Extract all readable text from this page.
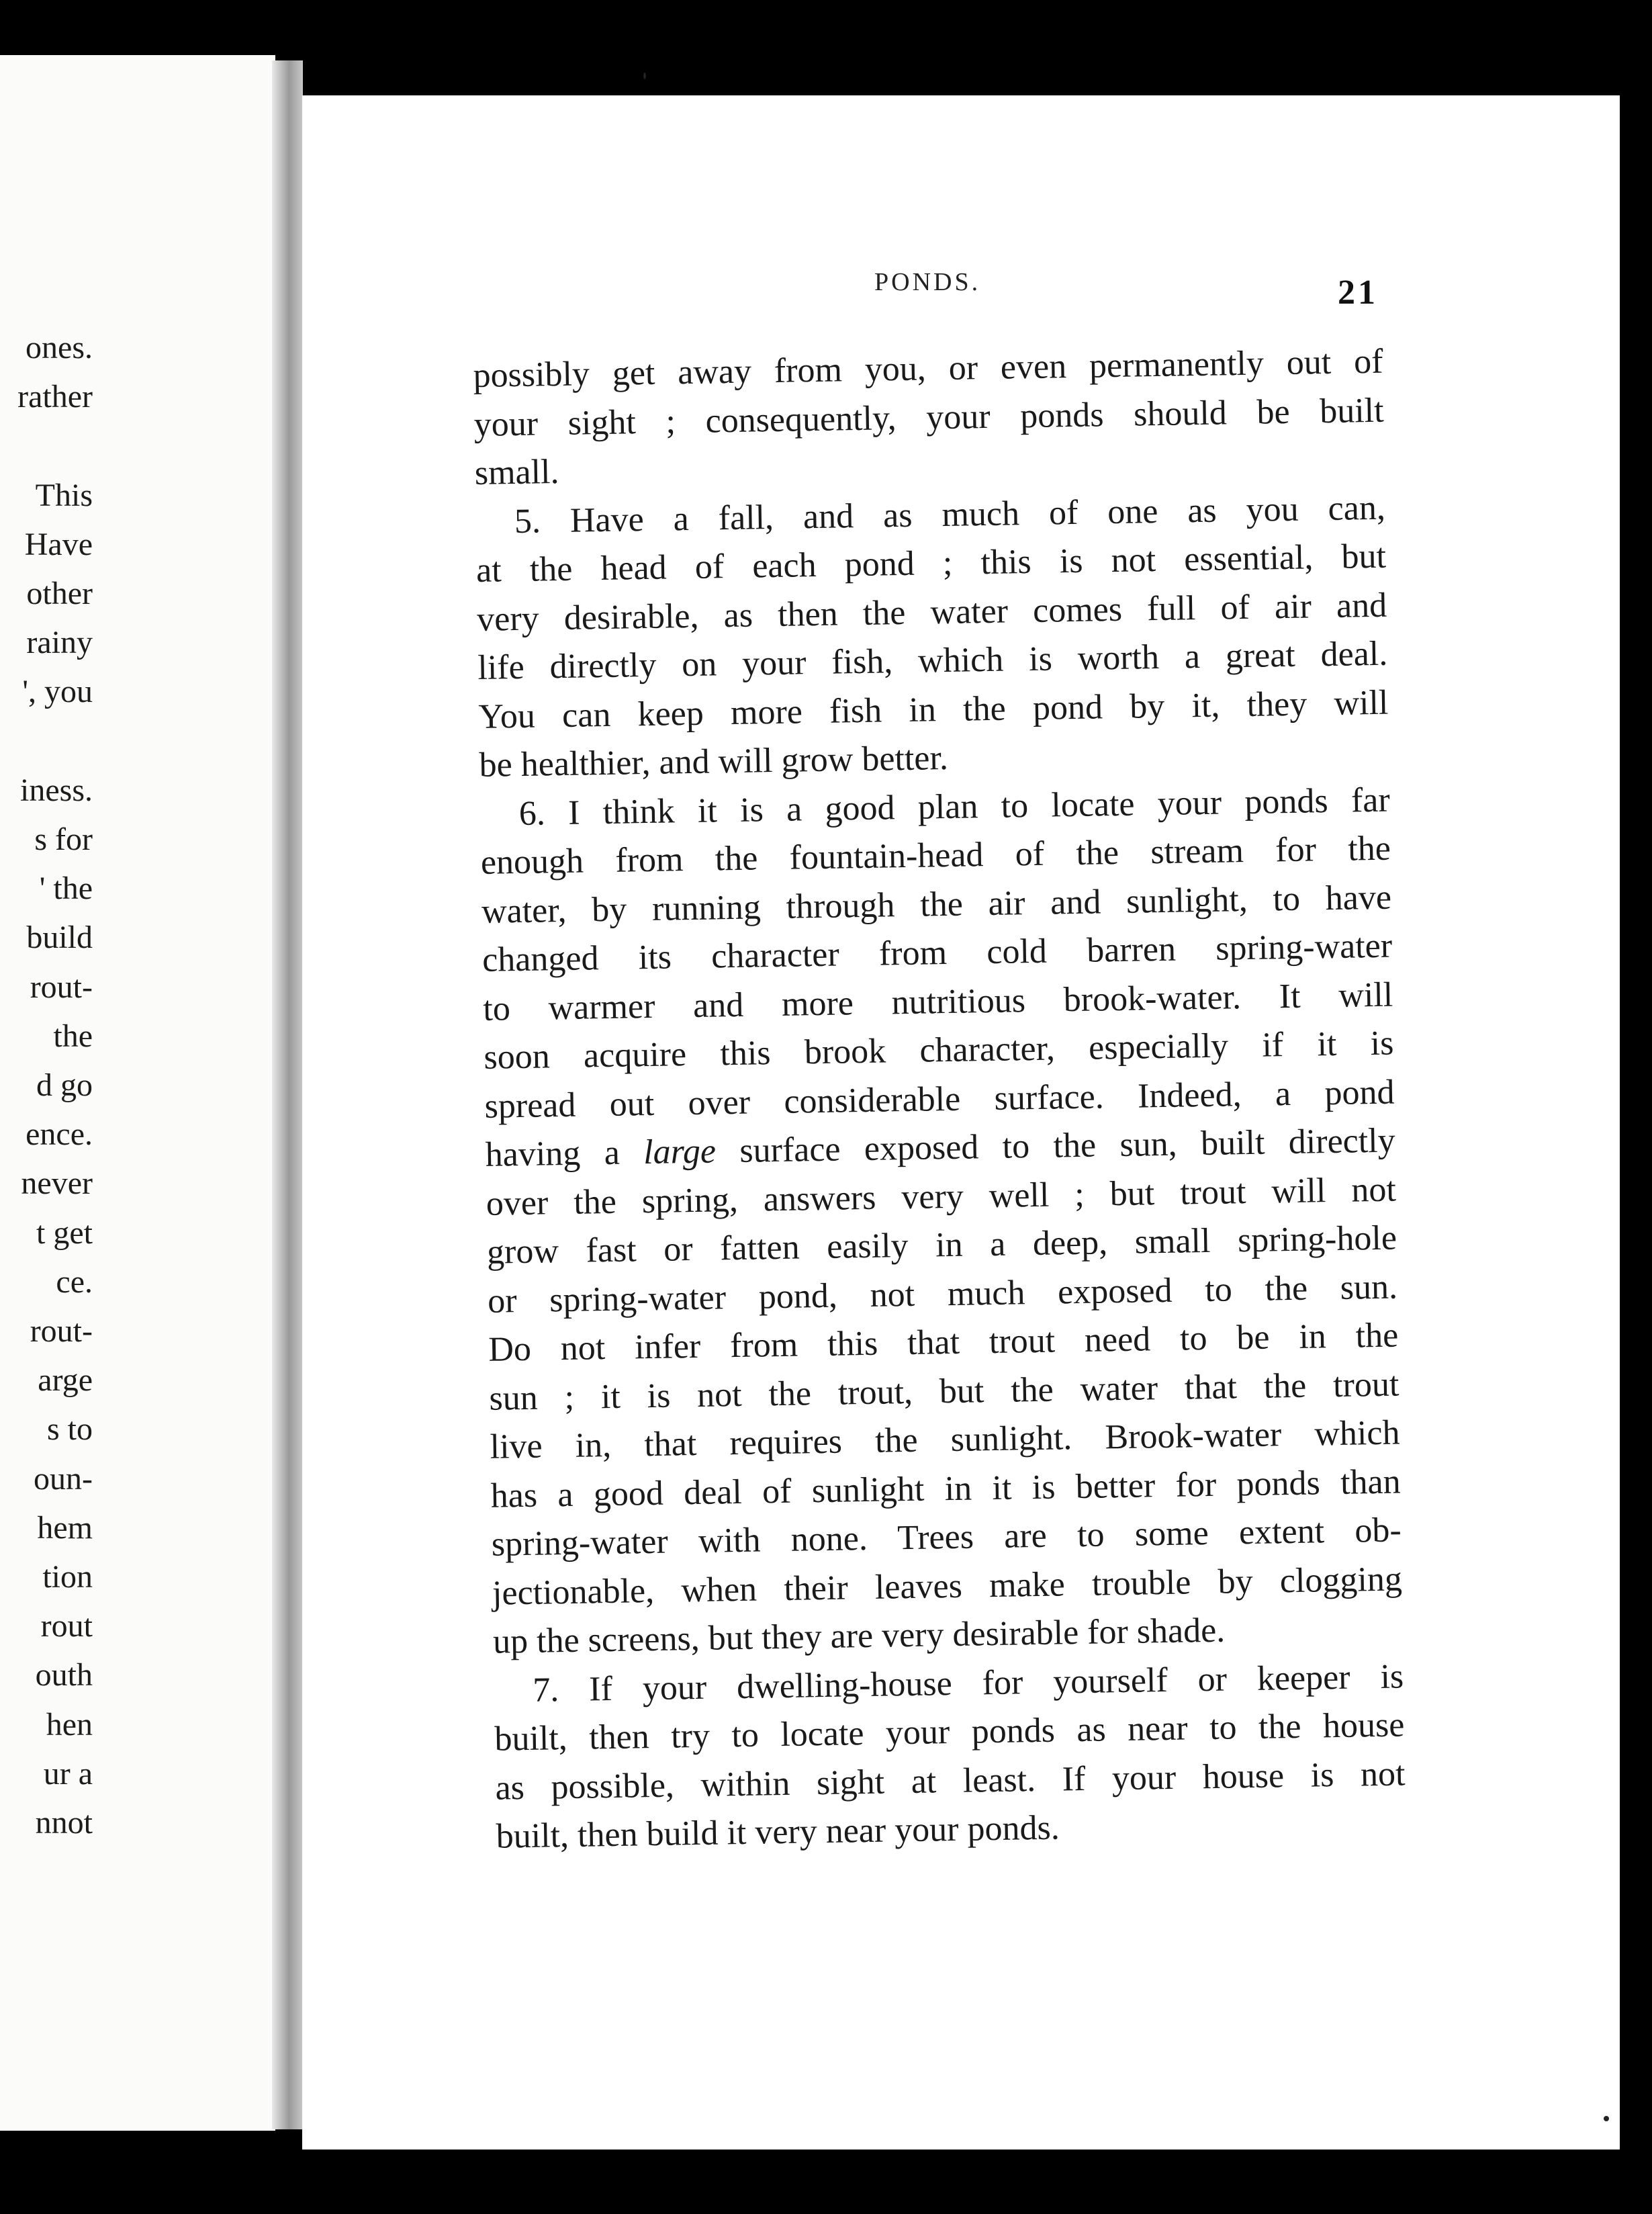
ones.
rather
This
Have
other
rainy
', you
iness.
s for
' the
build
rout-
the
d go
ence.
never
t get
ce.
rout-
arge
s to
oun-
hem
tion
rout
outh
hen
ur a
nnot
PONDS.	21
possibly get away from you, or even permanently out of
your sight ; consequently, your ponds should be built
small.
5. Have a fall, and as much of one as you can,
at the head of each pond ; this is not essential, but
very desirable, as then the water comes full of air and
life directly on your fish, which is worth a great deal.
You can keep more fish in the pond by it, they will
be healthier, and will grow better.
6. I think it is a good plan to locate your ponds far
enough from the fountain-head of the stream for the
water, by running through the air and sunlight, to have
changed its character from cold barren spring-water
to warmer and more nutritious brook-water. It will
soon acquire this brook character, especially if it is
spread out over considerable surface. Indeed, a pond
having a large surface exposed to the sun, built directly
over the spring, answers very well ; but trout will not
grow fast or fatten easily in a deep, small spring-hole
or spring-water pond, not much exposed to the sun.
Do not infer from this that trout need to be in the
sun ; it is not the trout, but the water that the trout
live in, that requires the sunlight. Brook-water which
has a good deal of sunlight in it is better for ponds than
spring-water with none. Trees are to some extent ob-
jectionable, when their leaves make trouble by clogging
up the screens, but they are very desirable for shade.
7. If your dwelling-house for yourself or keeper is
built, then try to locate your ponds as near to the house
as possible, within sight at least. If your house is not
built, then build it very near your ponds.
